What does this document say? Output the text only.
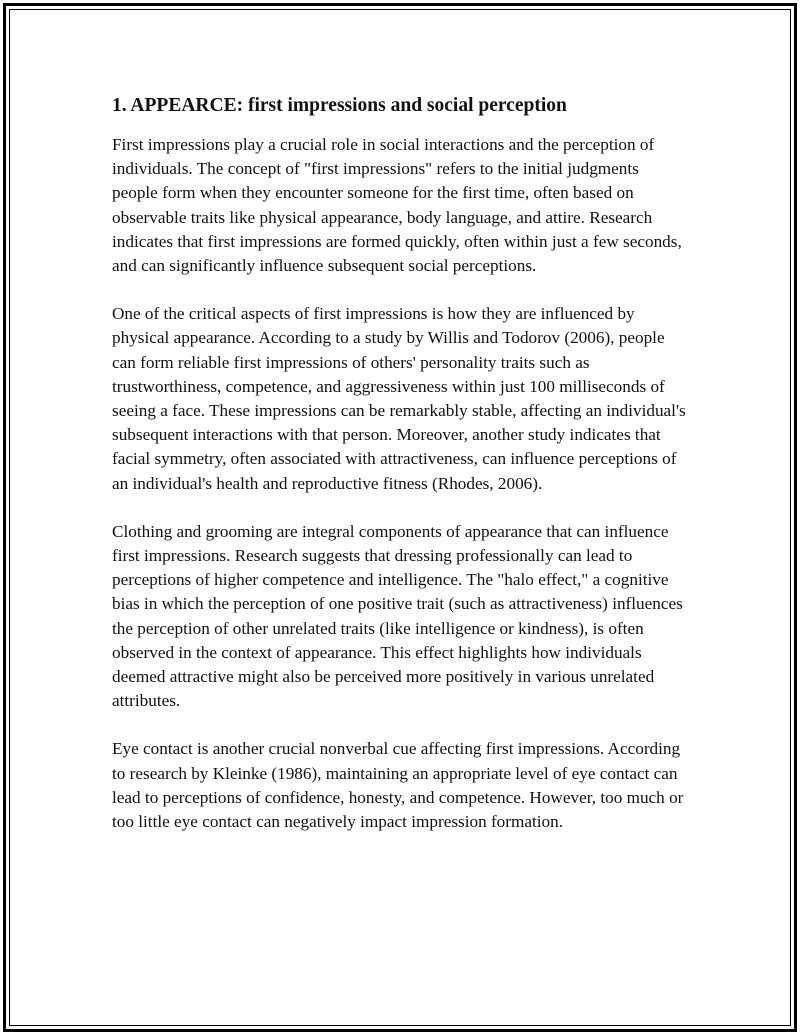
1. APPEARCE: first impressions and social perception

First impressions play a crucial role in social interactions and the perception of individuals. The concept of "first impressions" refers to the initial judgments people form when they encounter someone for the first time, often based on observable traits like physical appearance, body language, and attire. Research indicates that first impressions are formed quickly, often within just a few seconds, and can significantly influence subsequent social perceptions.

One of the critical aspects of first impressions is how they are influenced by physical appearance. According to a study by Willis and Todorov (2006), people can form reliable first impressions of others' personality traits such as trustworthiness, competence, and aggressiveness within just 100 milliseconds of seeing a face. These impressions can be remarkably stable, affecting an individual's subsequent interactions with that person. Moreover, another study indicates that facial symmetry, often associated with attractiveness, can influence perceptions of an individual's health and reproductive fitness (Rhodes, 2006).

Clothing and grooming are integral components of appearance that can influence first impressions. Research suggests that dressing professionally can lead to perceptions of higher competence and intelligence. The "halo effect," a cognitive bias in which the perception of one positive trait (such as attractiveness) influences the perception of other unrelated traits (like intelligence or kindness), is often observed in the context of appearance. This effect highlights how individuals deemed attractive might also be perceived more positively in various unrelated attributes.

Eye contact is another crucial nonverbal cue affecting first impressions. According to research by Kleinke (1986), maintaining an appropriate level of eye contact can lead to perceptions of confidence, honesty, and competence. However, too much or too little eye contact can negatively impact impression formation.
